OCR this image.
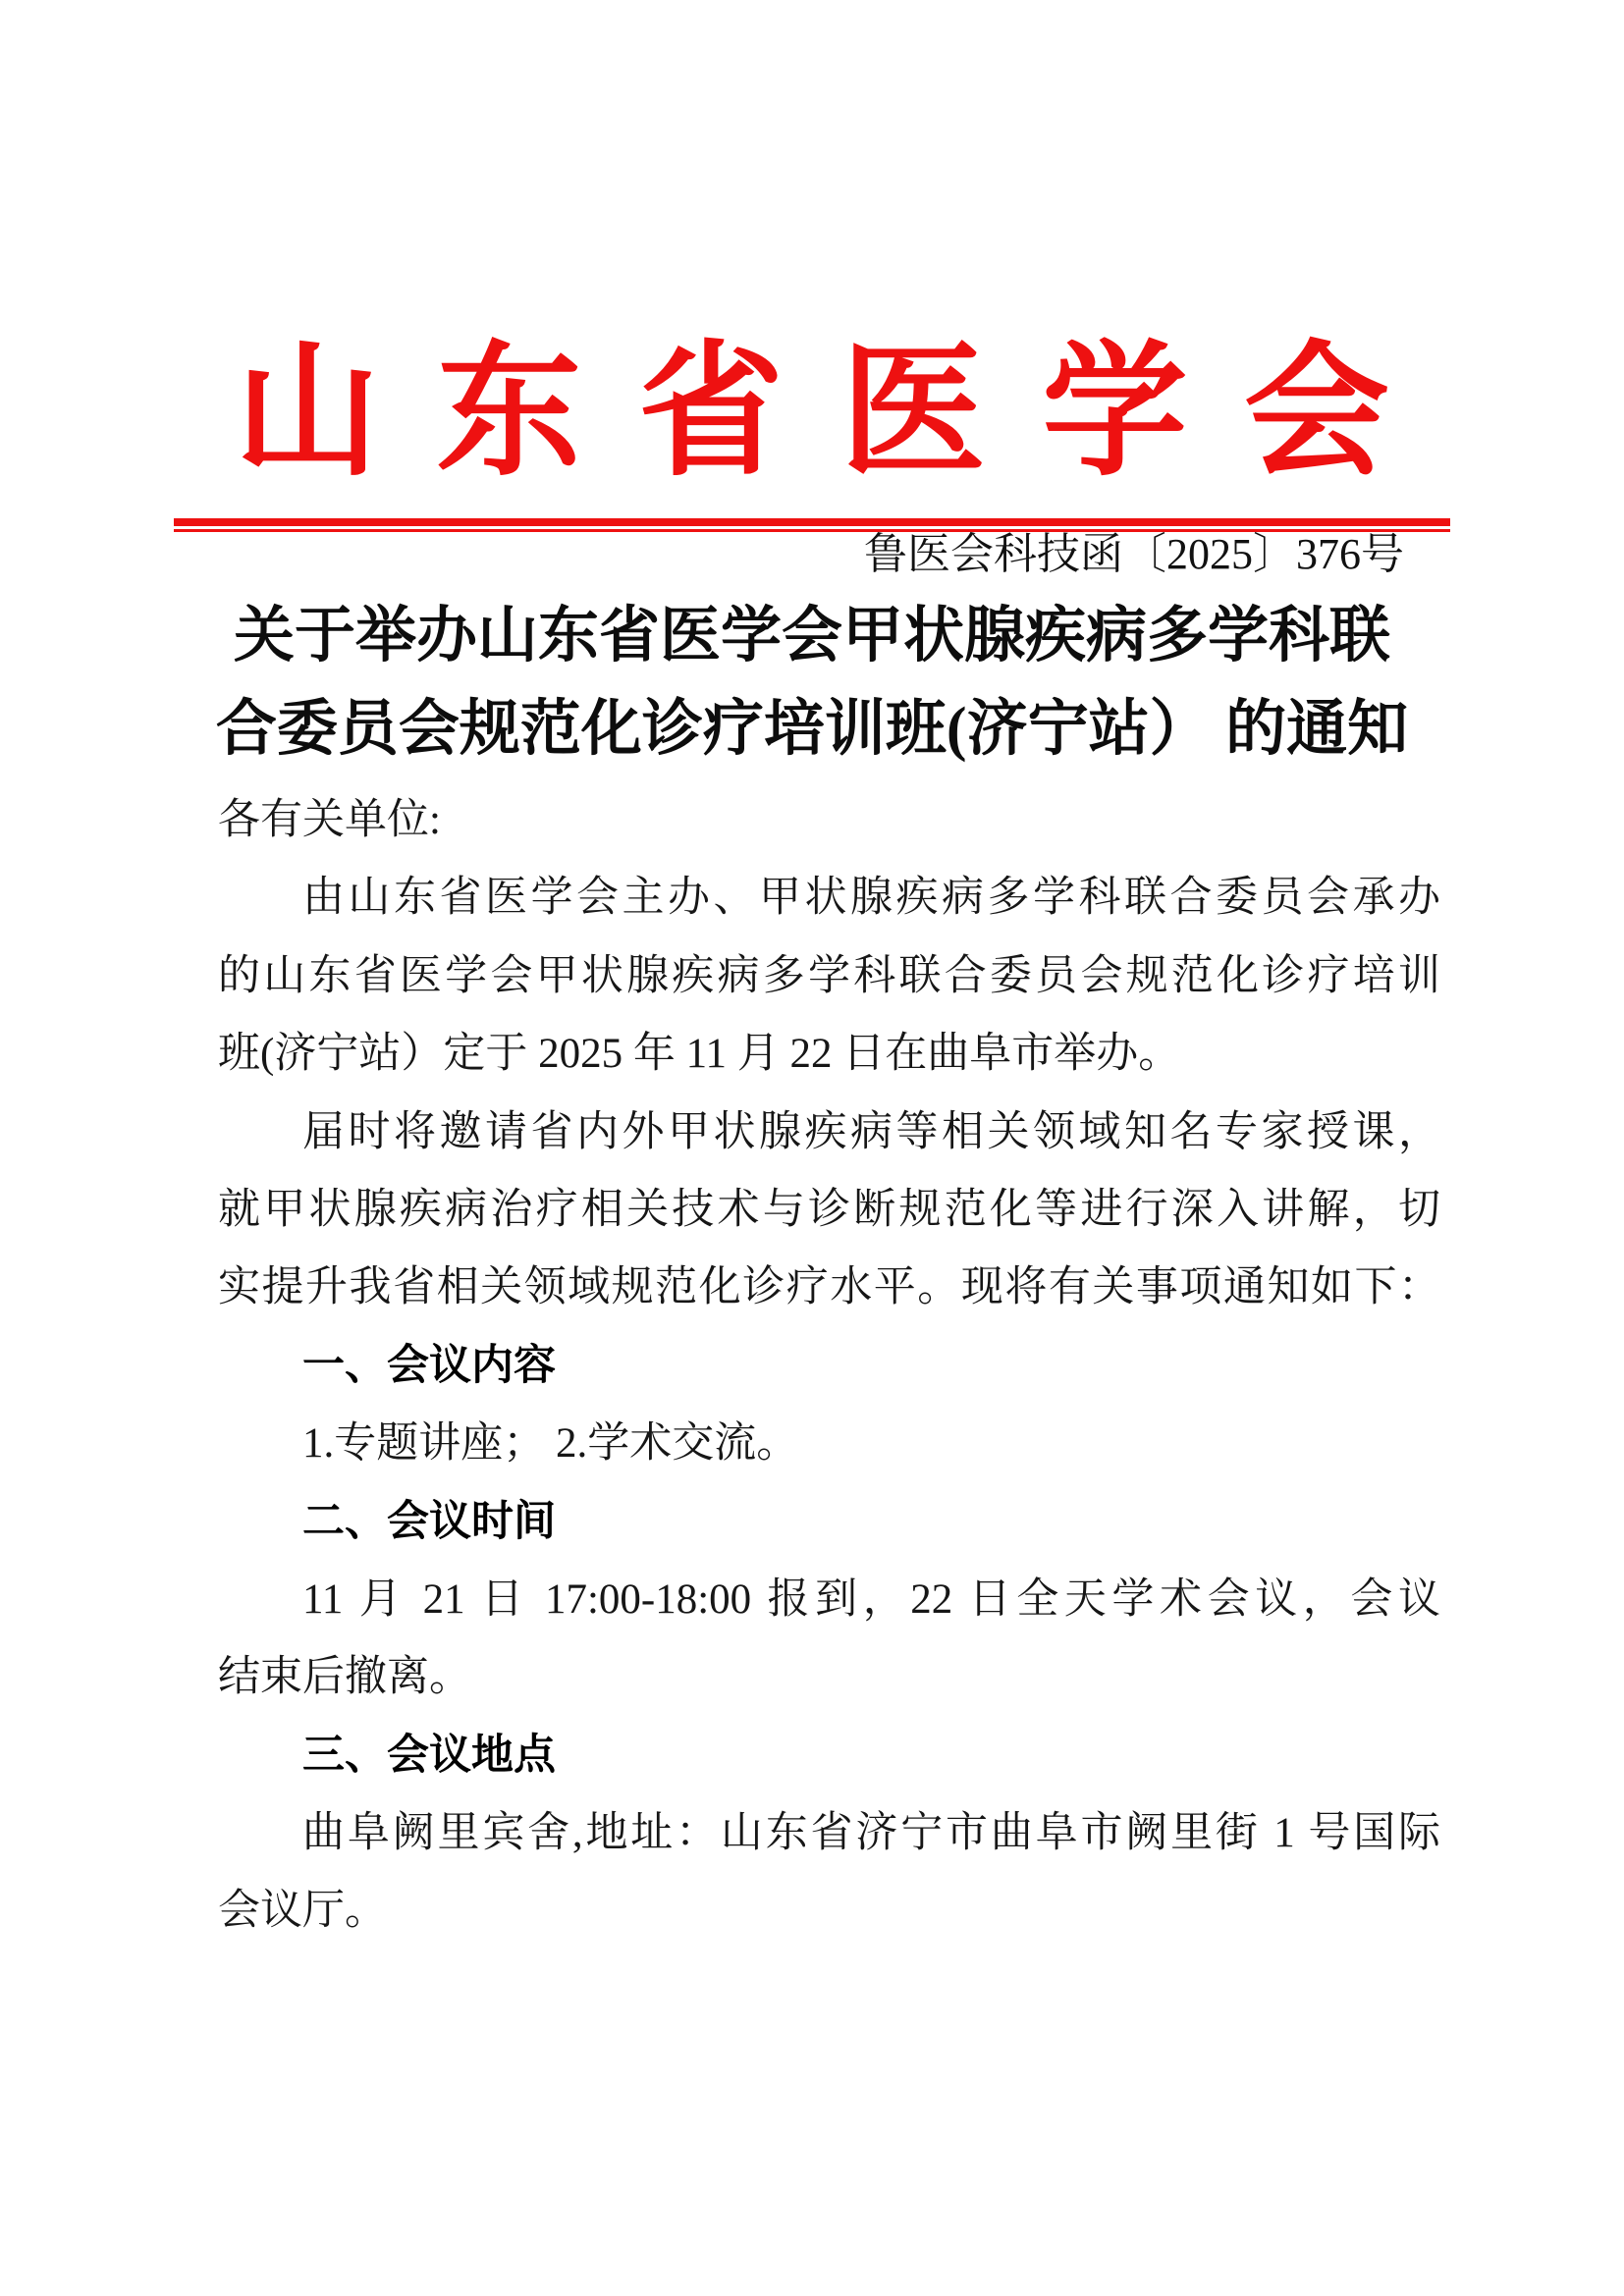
山 东 省 医 学 会
鲁医会科技函〔2025〕376号
关于举办山东省医学会甲状腺疾病多学科联
合委员会规范化诊疗培训班(济宁站） 的通知
各有关单位:
由山东省医学会主办、甲状腺疾病多学科联合委员会承办
的山东省医学会甲状腺疾病多学科联合委员会规范化诊疗培训
班(济宁站）定于 2025 年 11 月 22 日在曲阜市举办。
届时将邀请省内外甲状腺疾病等相关领域知名专家授课，
就甲状腺疾病治疗相关技术与诊断规范化等进行深入讲解，切
实提升我省相关领域规范化诊疗水平。现将有关事项通知如下：
一、会议内容
1.专题讲座； 2.学术交流。
二、会议时间
11 月 21 日 17:00-18:00 报到，22 日全天学术会议，会议
结束后撤离。
三、会议地点
曲阜阙里宾舍,地址：山东省济宁市曲阜市阙里街 1 号国际
会议厅。
